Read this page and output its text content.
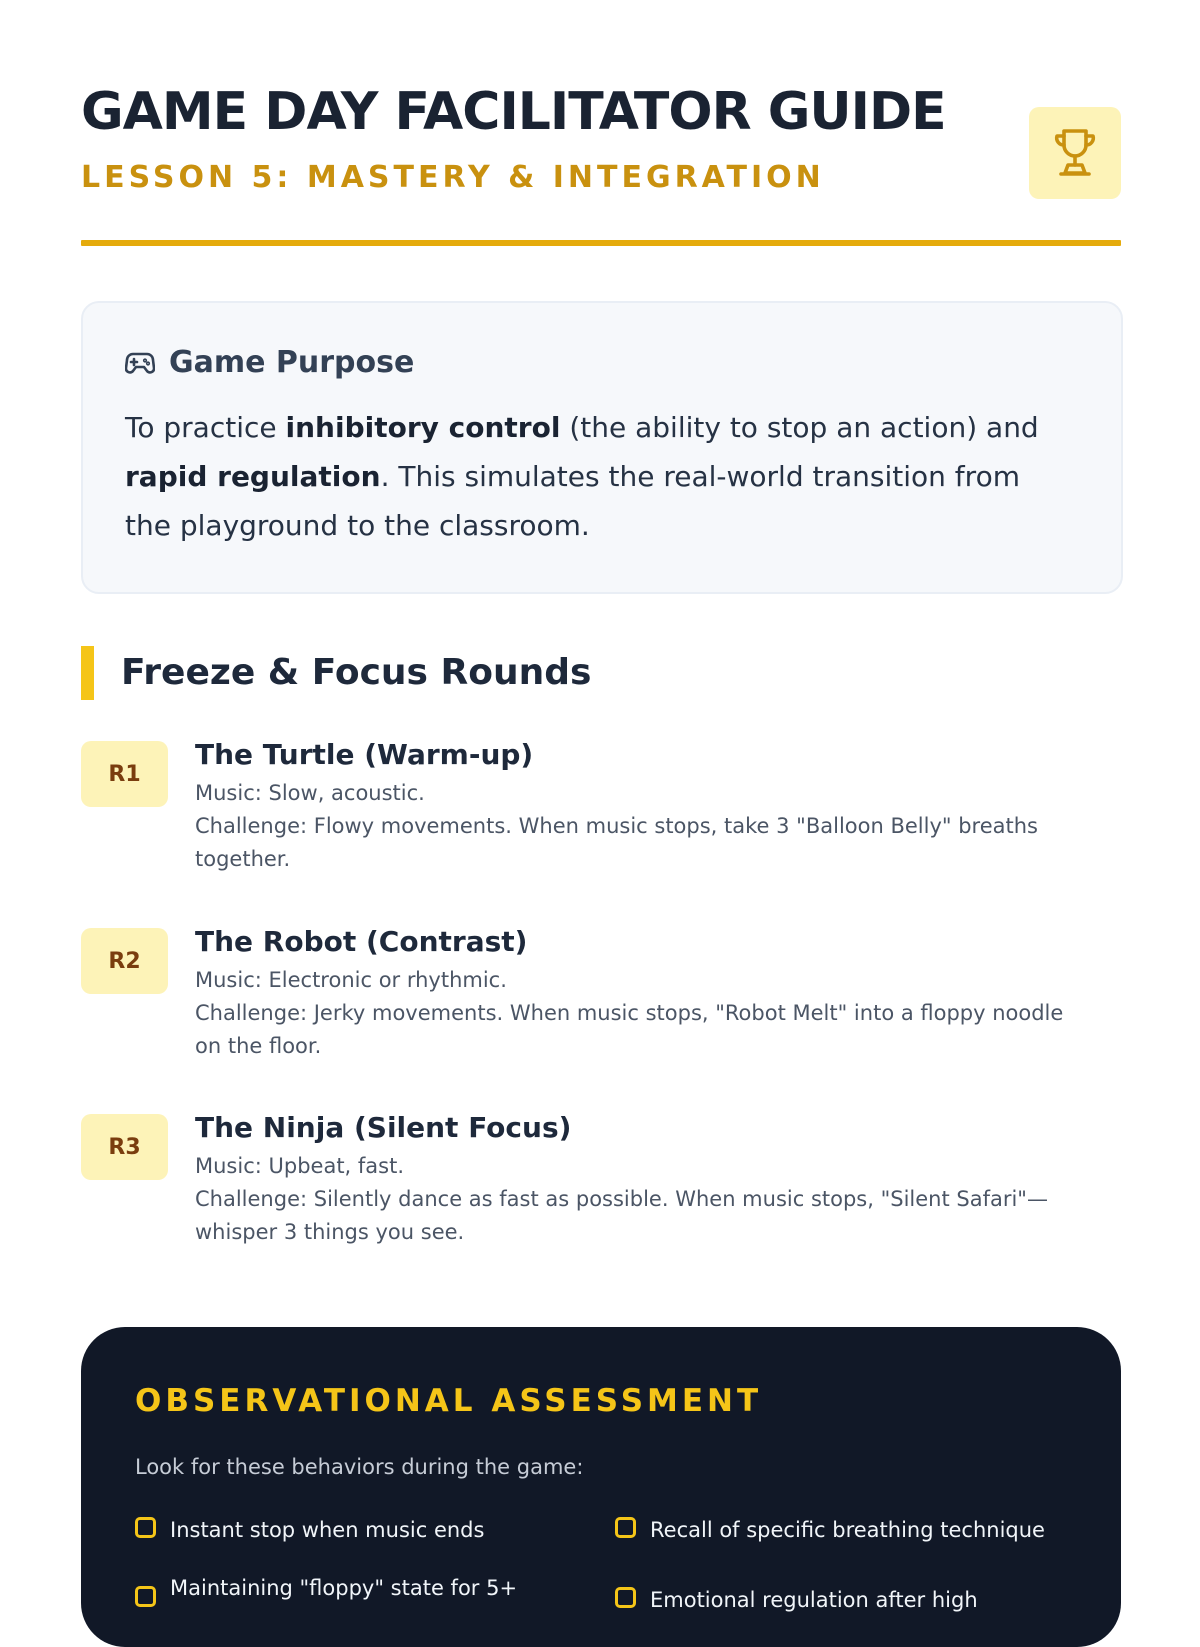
GAME DAY FACILITATOR GUIDE
LESSON 5: MASTERY & INTEGRATION
Game Purpose
To practice inhibitory control (the ability to stop an action) and rapid regulation. This simulates the real-world transition from the playground to the classroom.
Freeze & Focus Rounds
R1
The Turtle (Warm-up)
Music: Slow, acoustic.
Challenge: Flowy movements. When music stops, take 3 "Balloon Belly" breaths together.
R2
The Robot (Contrast)
Music: Electronic or rhythmic.
Challenge: Jerky movements. When music stops, "Robot Melt" into a floppy noodle on the floor.
R3
The Ninja (Silent Focus)
Music: Upbeat, fast.
Challenge: Silently dance as fast as possible. When music stops, "Silent Safari"—whisper 3 things you see.
OBSERVATIONAL ASSESSMENT
Look for these behaviors during the game:
Instant stop when music ends	Recall of specific breathing technique
Maintaining "floppy" state for 5+	Emotional regulation after high
